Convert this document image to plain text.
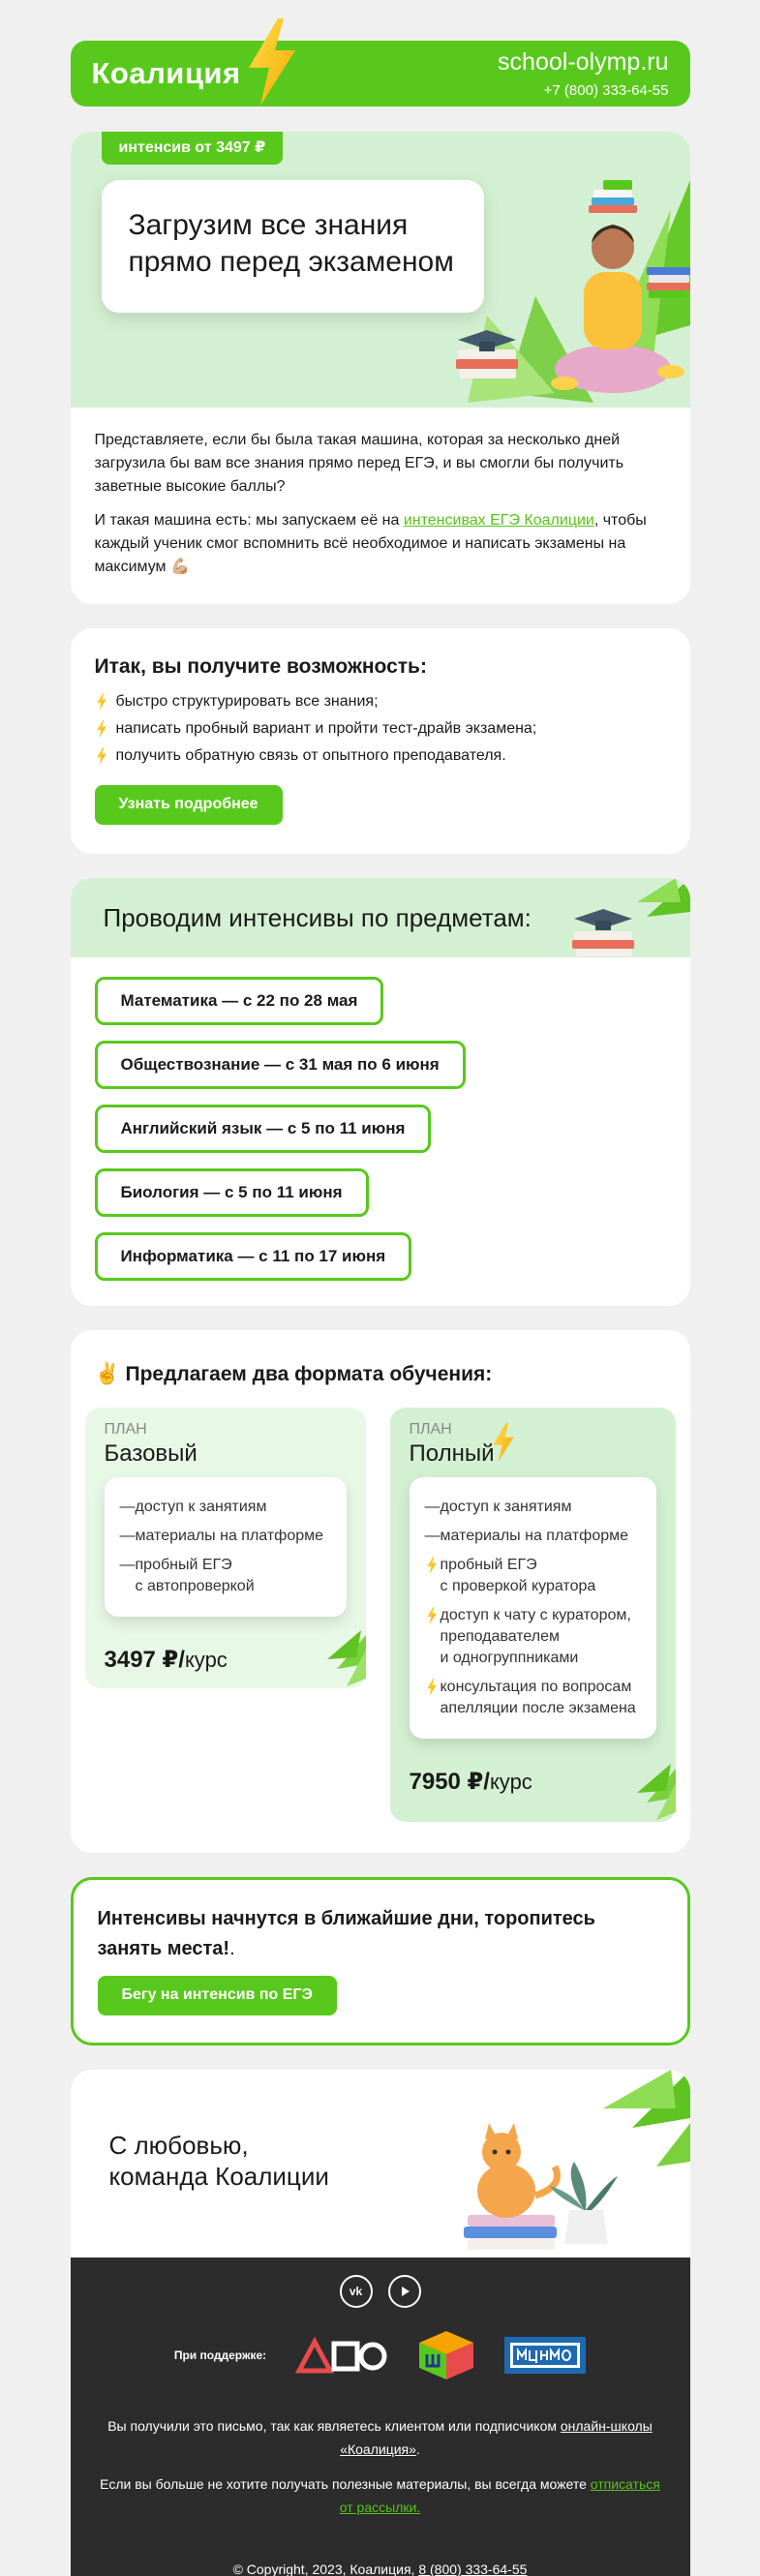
Коалиция	school-olymp.ru
+7 (800) 333-64-55
интенсив от 3497 ₽
Загрузим все знания
прямо перед экзаменом

Представляете, если бы была такая машина, которая за несколько дней загрузила бы вам все знания прямо перед ЕГЭ, и вы смогли бы получить заветные высокие баллы?

И такая машина есть: мы запускаем её на интенсивах ЕГЭ Коалиции, чтобы каждый ученик смог вспомнить всё необходимое и написать экзамены на максимум 💪🏼

Итак, вы получите возможность:
быстро структурировать все знания;
написать пробный вариант и пройти тест-драйв экзамена;
получить обратную связь от опытного преподавателя.
Узнать подробнее
Проводим интенсивы по предметам:
Математика — с 22 по 28 мая
Обществознание — с 31 мая по 6 июня
Английский язык — с 5 по 11 июня
Биология — с 5 по 11 июня
Информатика — с 11 по 17 июня
✌️ Предлагаем два формата обучения:
ПЛАН
Базовый
— доступ к занятиям
— материалы на платформе
— пробный ЕГЭ
с автопроверкой
3497 ₽/курс
ПЛАН
Полный
— доступ к занятиям
— материалы на платформе
пробный ЕГЭ
с проверкой куратора
доступ к чату с куратором,
преподавателем
и одногруппниками
консультация по вопросам
апелляции после экзамена
7950 ₽/курс
Интенсивы начнутся в ближайшие дни, торопитесь занять места!.
Бегу на интенсив по ЕГЭ
С любовью,
команда Коалиции
vk
При поддержке:

Вы получили это письмо, так как являетесь клиентом или подписчиком онлайн-школы «Коалиция».

Если вы больше не хотите получать полезные материалы, вы всегда можете отписаться от рассылки.

© Copyright, 2023, Коалиция, 8 (800) 333-64-55
